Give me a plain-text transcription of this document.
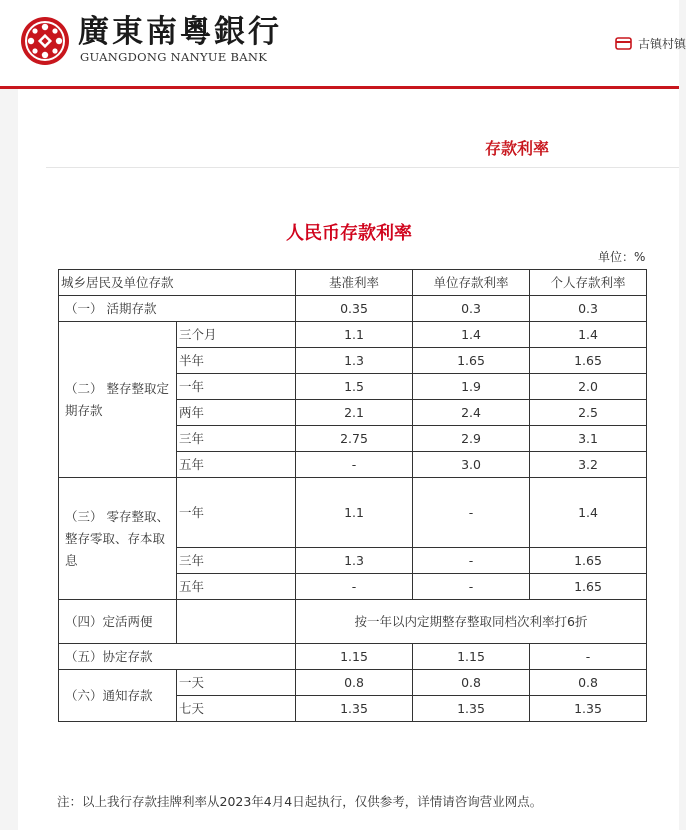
廣東南粵銀行
GUANGDONG NANYUE BANK
古镇村镇
存款利率
人民币存款利率
单位：%
城乡居民及单位存款		基准利率	单位存款利率	个人存款利率
（一） 活期存款		0.35	0.3	0.3
（二） 整存整取定期存款	三个月	1.1	1.4	1.4
	半年	1.3	1.65	1.65
	一年	1.5	1.9	2.0
	两年	2.1	2.4	2.5
	三年	2.75	2.9	3.1
	五年	-	3.0	3.2
（三） 零存整取、整存零取、存本取息	一年	1.1	-	1.4
	三年	1.3	-	1.65
	五年	-	-	1.65
（四）定活两便		按一年以内定期整存整取同档次利率打6折		
（五）协定存款		1.15	1.15	-
（六）通知存款	一天	0.8	0.8	0.8
	七天	1.35	1.35	1.35
注：以上我行存款挂牌利率从2023年4月4日起执行，仅供参考，详情请咨询营业网点。
